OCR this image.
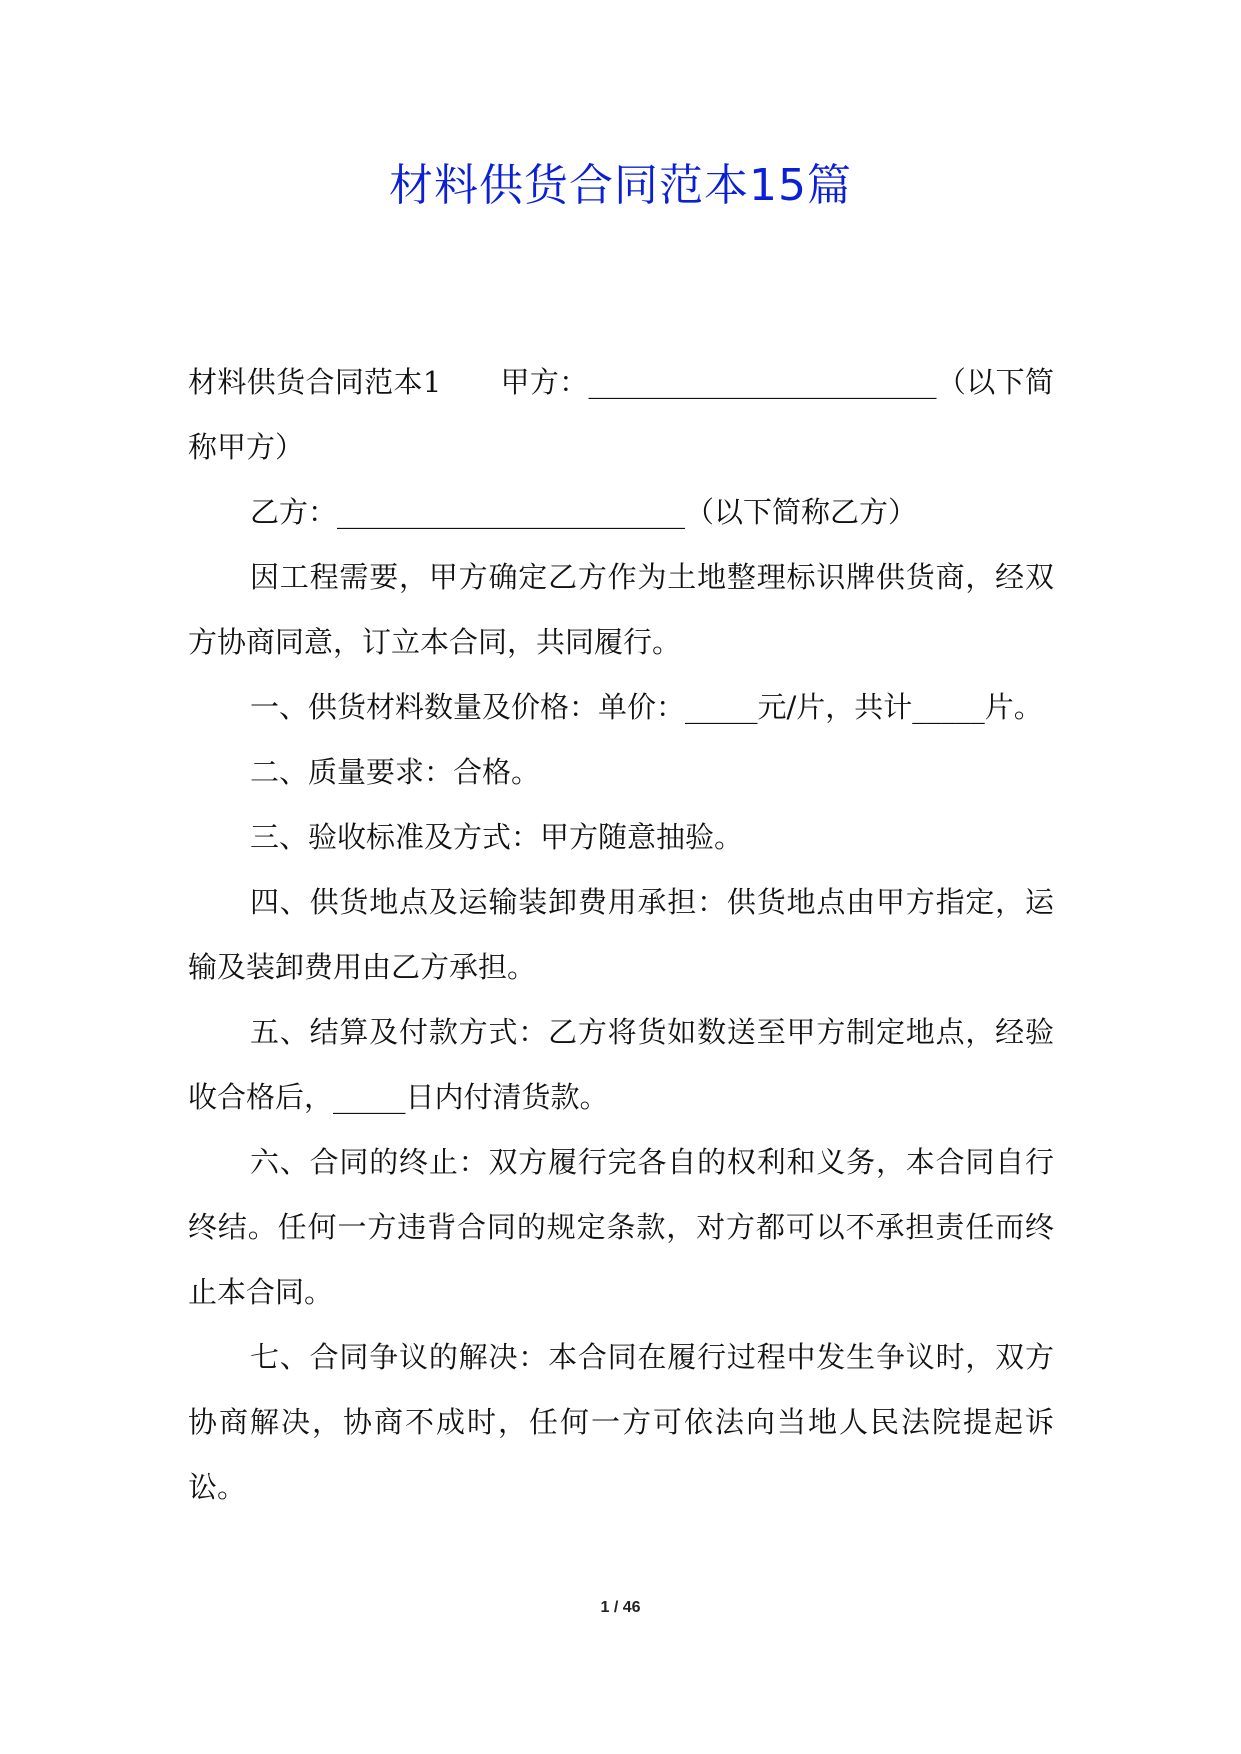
材料供货合同范本15篇

材料供货合同范本1　　甲方：________________________（以下简称甲方）

乙方：________________________（以下简称乙方）

因工程需要，甲方确定乙方作为土地整理标识牌供货商，经双方协商同意，订立本合同，共同履行。

一、供货材料数量及价格：单价：_____元/片，共计_____片。

二、质量要求：合格。

三、验收标准及方式：甲方随意抽验。

四、供货地点及运输装卸费用承担：供货地点由甲方指定，运输及装卸费用由乙方承担。

五、结算及付款方式：乙方将货如数送至甲方制定地点，经验收合格后，_____日内付清货款。

六、合同的终止：双方履行完各自的权利和义务，本合同自行终结。任何一方违背合同的规定条款，对方都可以不承担责任而终止本合同。

七、合同争议的解决：本合同在履行过程中发生争议时，双方协商解决，协商不成时，任何一方可依法向当地人民法院提起诉讼。

1 / 46
